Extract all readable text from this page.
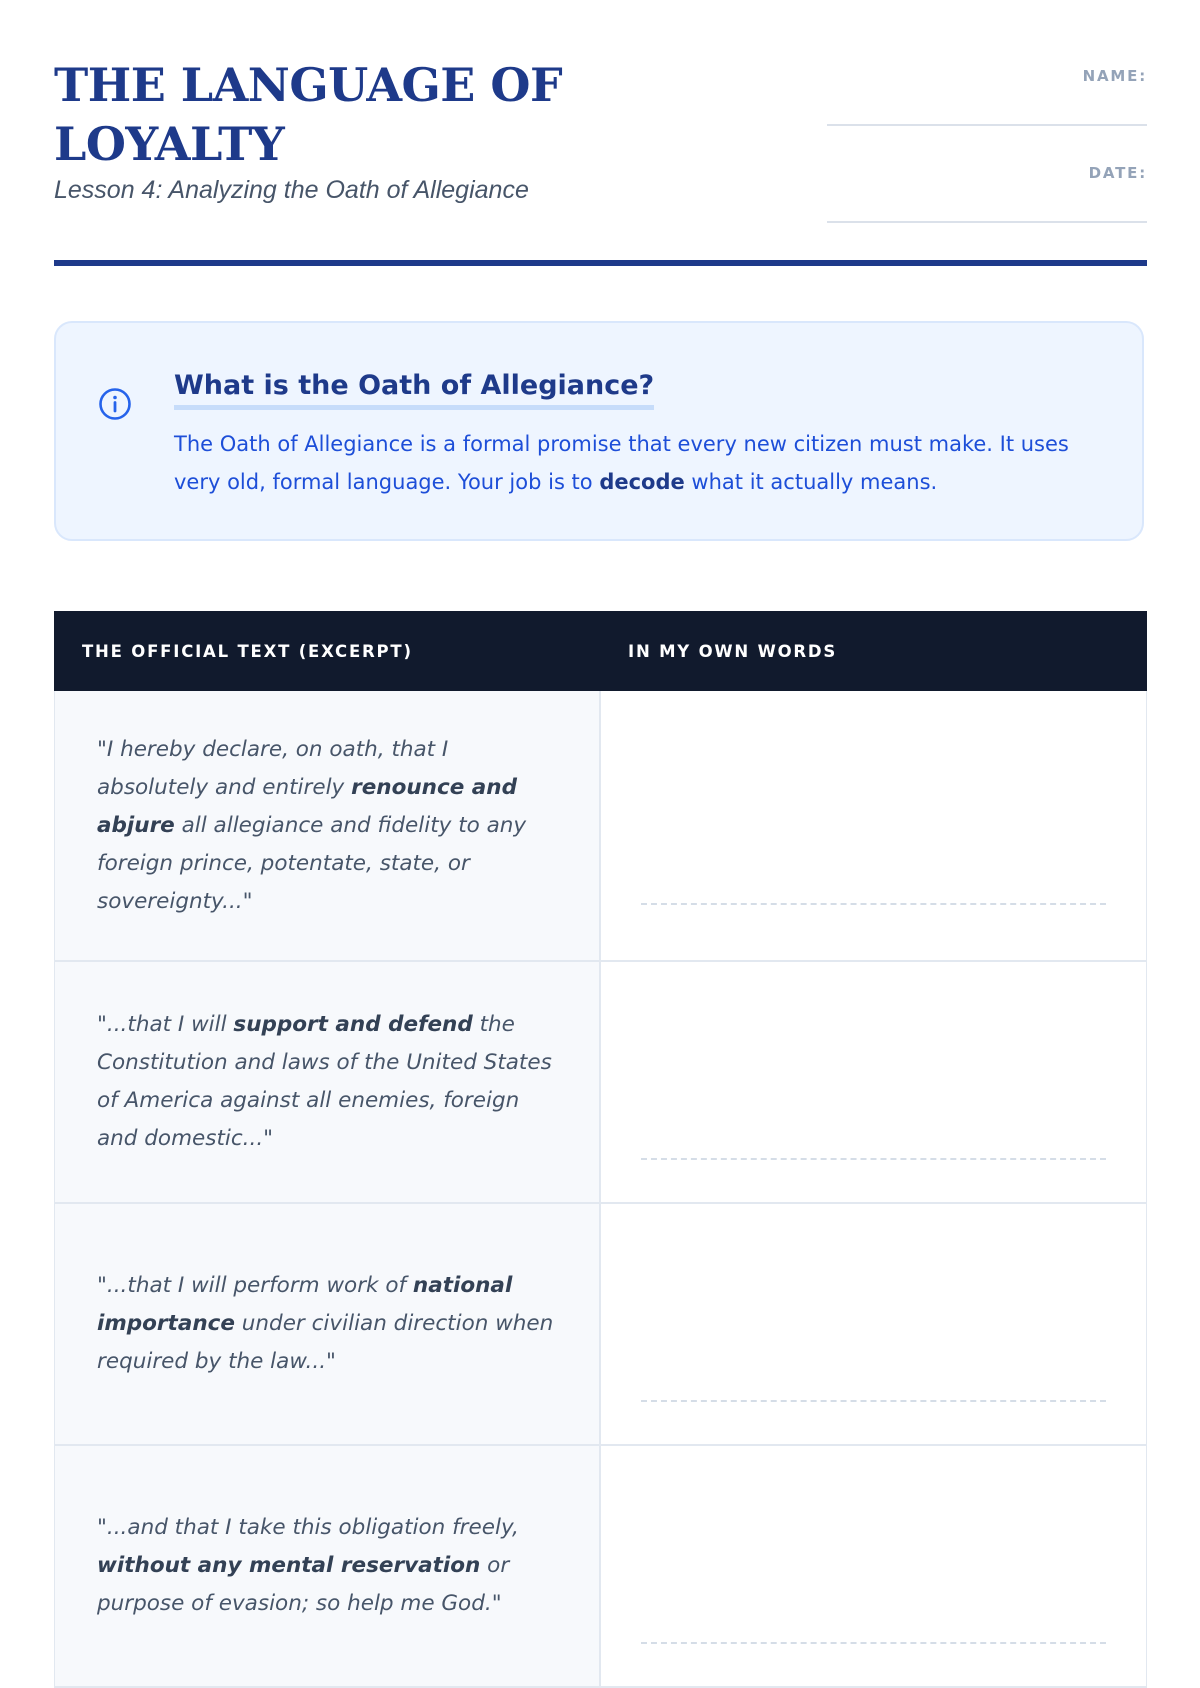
THE LANGUAGE OF LOYALTY

Lesson 4: Analyzing the Oath of Allegiance

NAME:
DATE:
What is the Oath of Allegiance?

The Oath of Allegiance is a formal promise that every new citizen must make. It uses very old, formal language. Your job is to decode what it actually means.

THE OFFICIAL TEXT (EXCERPT)	IN MY OWN WORDS

"I hereby declare, on oath, that I absolutely and entirely renounce and abjure all allegiance and fidelity to any foreign prince, potentate, state, or sovereignty..."

"...that I will support and defend the Constitution and laws of the United States of America against all enemies, foreign and domestic..."

"...that I will perform work of national importance under civilian direction when required by the law..."

"...and that I take this obligation freely, without any mental reservation or purpose of evasion; so help me God."
